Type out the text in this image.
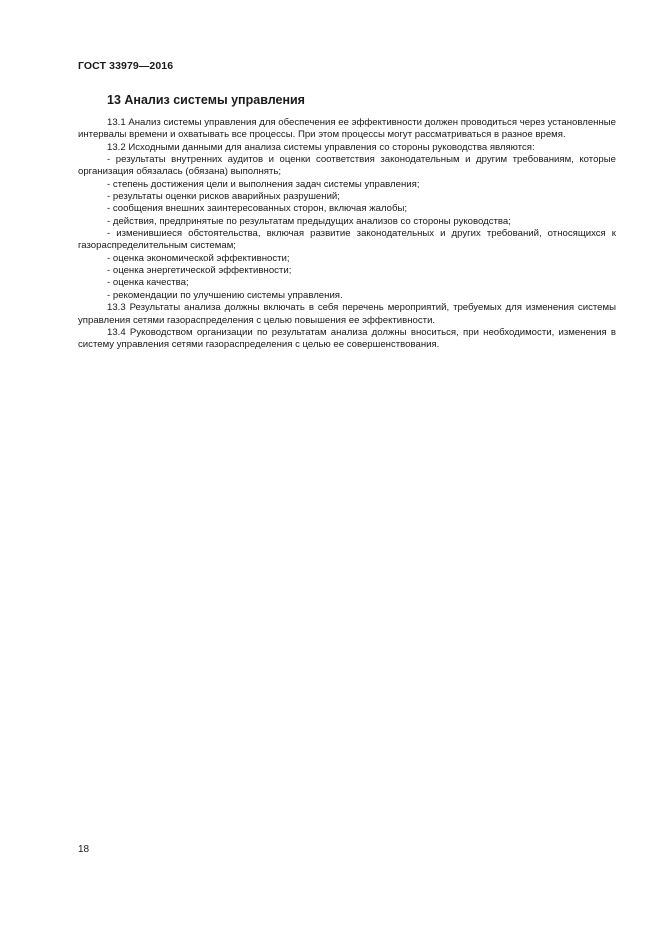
ГОСТ 33979—2016
13 Анализ системы управления

13.1 Анализ системы управления для обеспечения ее эффективности должен проводиться через установленные интервалы времени и охватывать все процессы. При этом процессы могут рассматриваться в разное время.

13.2 Исходными данными для анализа системы управления со стороны руководства являются:

- результаты внутренних аудитов и оценки соответствия законодательным и другим требованиям, которые организация обязалась (обязана) выполнять;

- степень достижения цели и выполнения задач системы управления;

- результаты оценки рисков аварийных разрушений;

- сообщения внешних заинтересованных сторон, включая жалобы;

- действия, предпринятые по результатам предыдущих анализов со стороны руководства;

- изменившиеся обстоятельства, включая развитие законодательных и других требований, относящихся к газораспределительным системам;

- оценка экономической эффективности;

- оценка энергетической эффективности;

- оценка качества;

- рекомендации по улучшению системы управления.

13.3 Результаты анализа должны включать в себя перечень мероприятий, требуемых для изменения системы управления сетями газораспределения с целью повышения ее эффективности.

13.4 Руководством организации по результатам анализа должны вноситься, при необходимости, изменения в систему управления сетями газораспределения с целью ее совершенствования.

18
